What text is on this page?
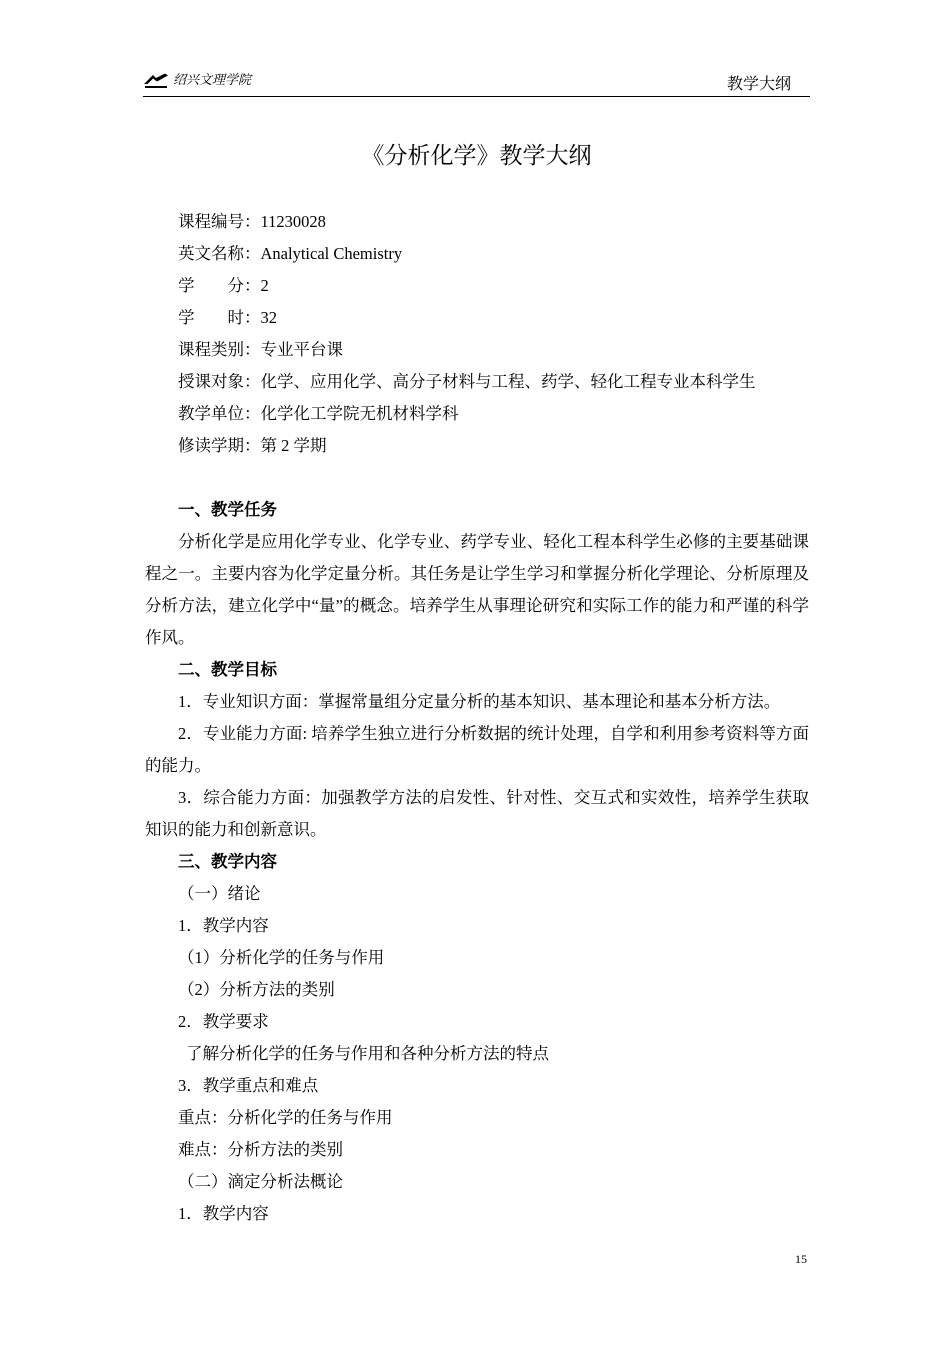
绍兴文理学院	教学大纲
《分析化学》教学大纲
课程编号：11230028
英文名称：Analytical Chemistry
学　　分：2
学　　时：32
课程类别：专业平台课
授课对象：化学、应用化学、高分子材料与工程、药学、轻化工程专业本科学生
教学单位：化学化工学院无机材料学科
修读学期：第 2 学期
一、教学任务
分析化学是应用化学专业、化学专业、药学专业、轻化工程本科学生必修的主要基础课程之一。主要内容为化学定量分析。其任务是让学生学习和掌握分析化学理论、分析原理及分析方法，建立化学中“量”的概念。培养学生从事理论研究和实际工作的能力和严谨的科学作风。
二、教学目标
1．专业知识方面：掌握常量组分定量分析的基本知识、基本理论和基本分析方法。
2．专业能力方面: 培养学生独立进行分析数据的统计处理，自学和利用参考资料等方面的能力。
3．综合能力方面：加强教学方法的启发性、针对性、交互式和实效性，培养学生获取知识的能力和创新意识。
三、教学内容
（一）绪论
1．教学内容
（1）分析化学的任务与作用
（2）分析方法的类别
2．教学要求
了解分析化学的任务与作用和各种分析方法的特点
3．教学重点和难点
重点：分析化学的任务与作用
难点：分析方法的类别
（二）滴定分析法概论
1．教学内容
15
